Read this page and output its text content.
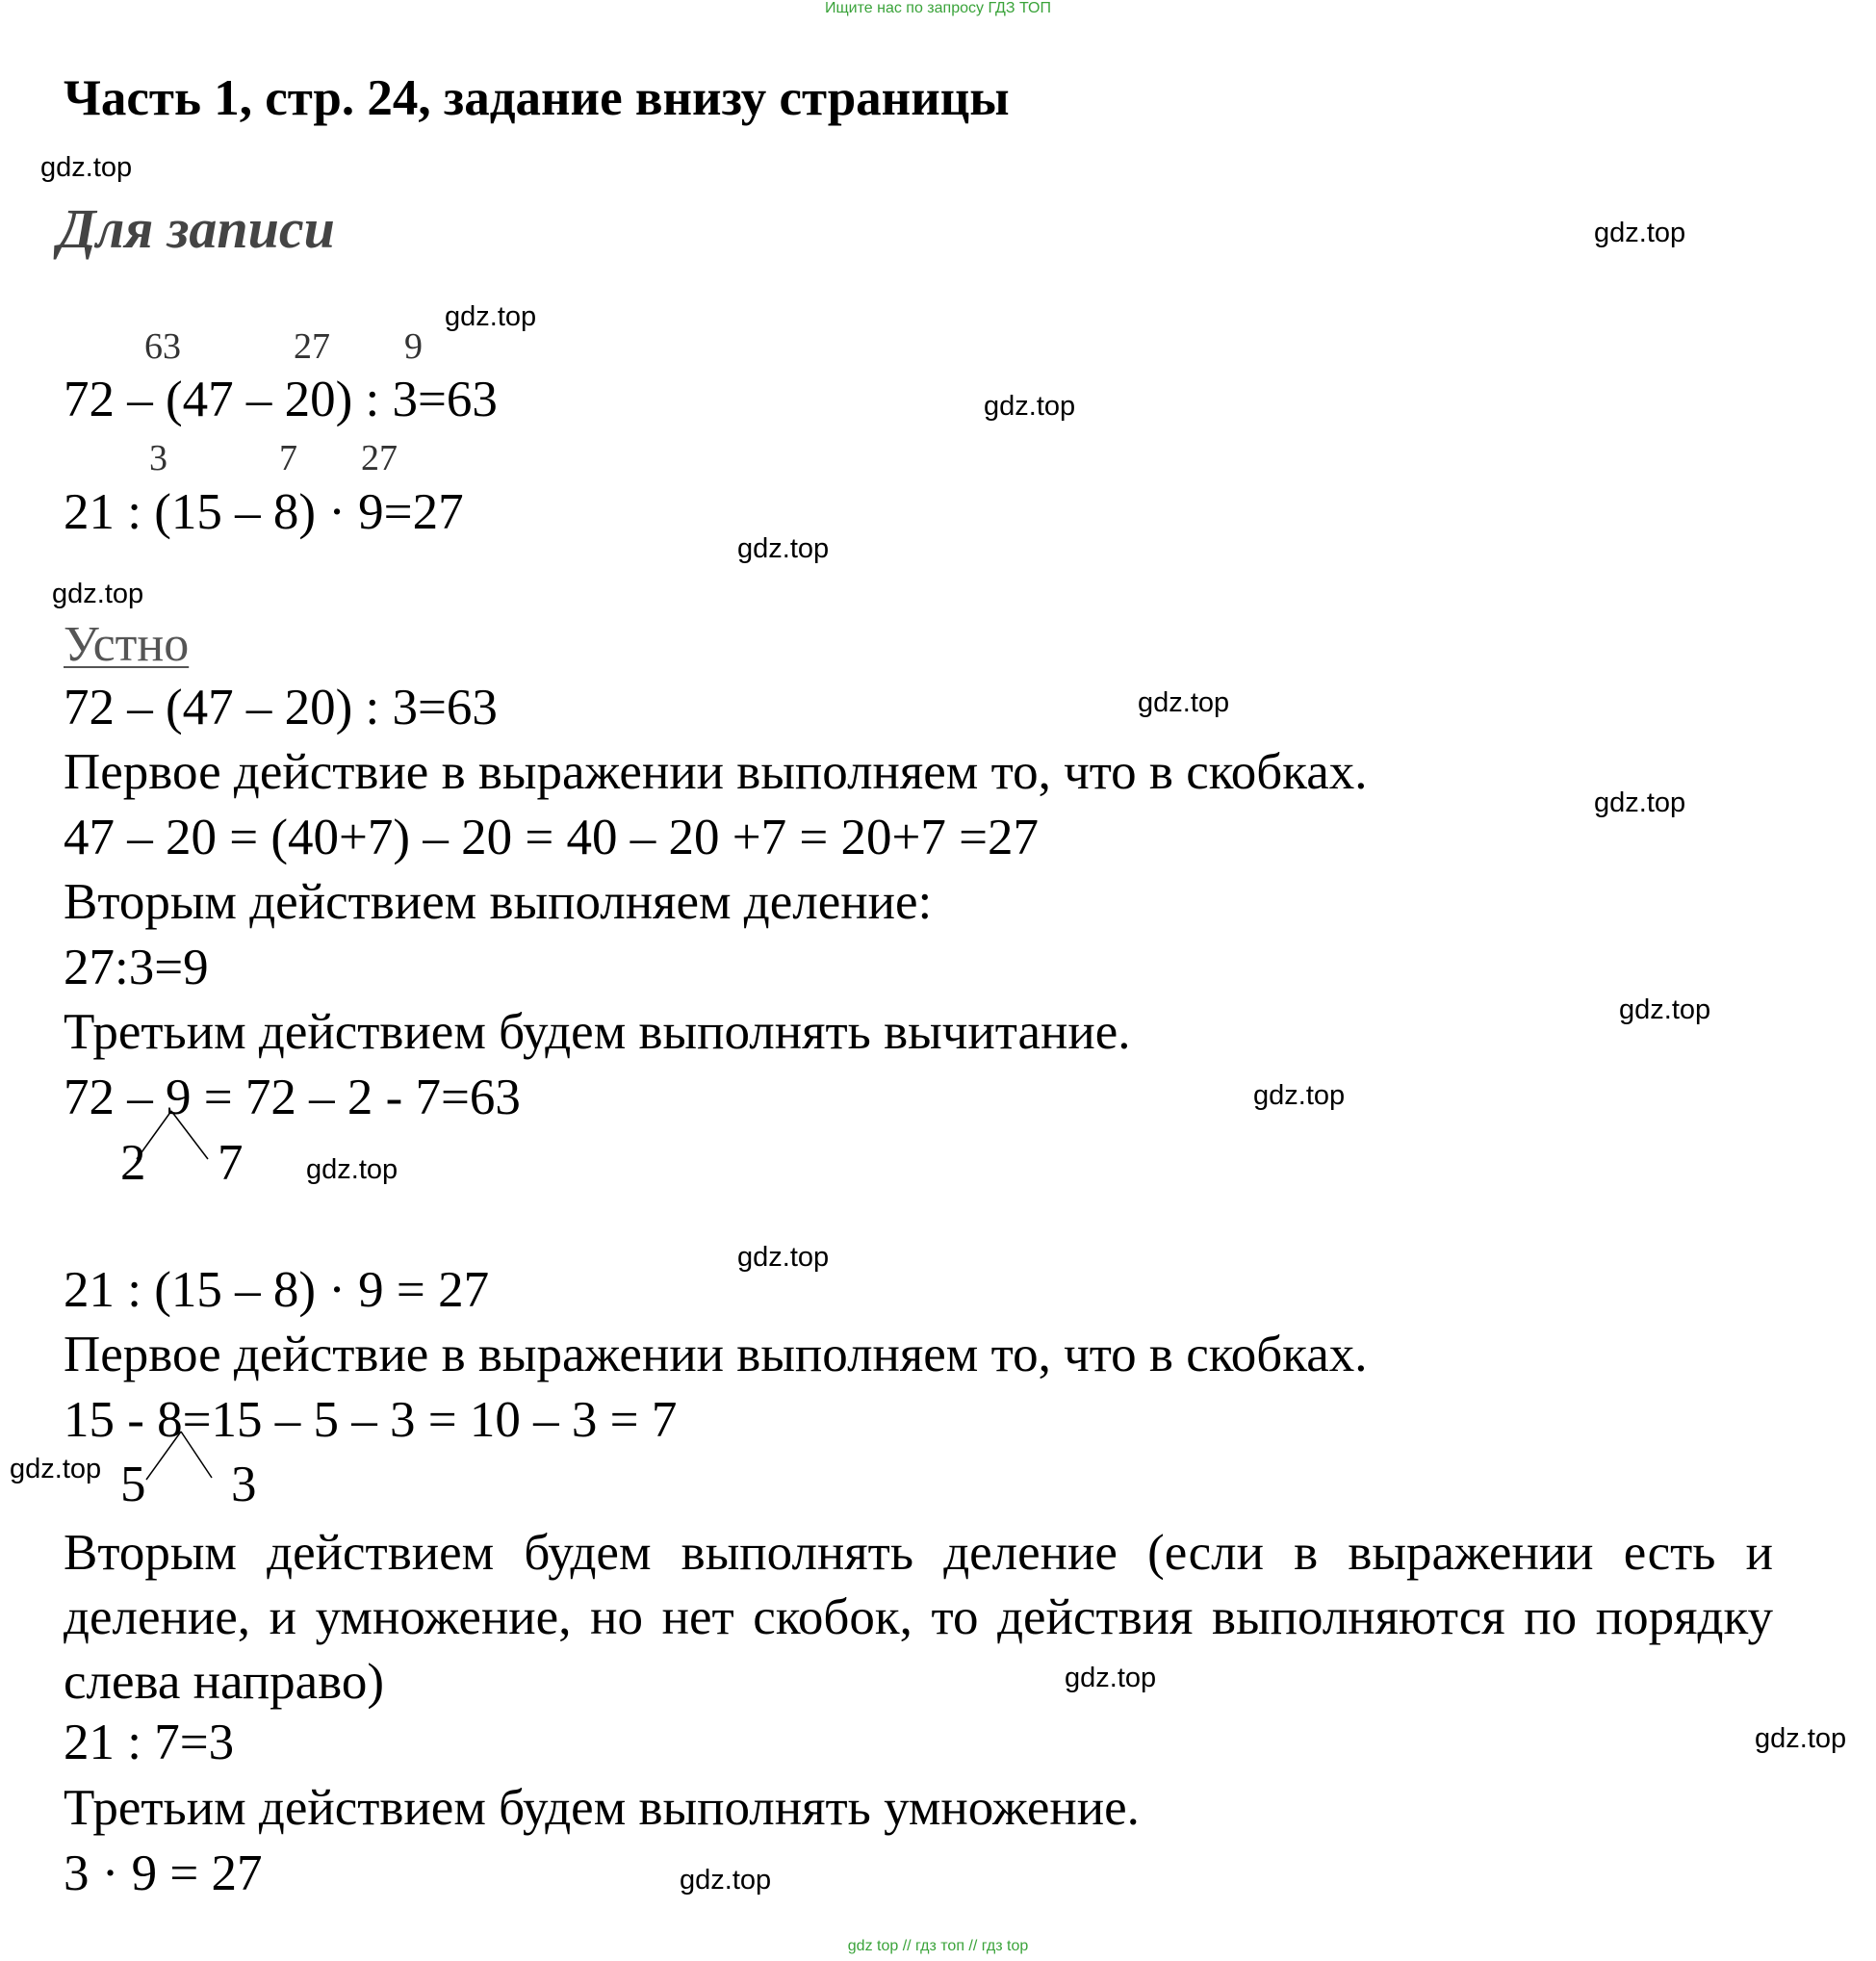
Ищите нас по запросу ГДЗ ТОП
Часть 1, стр. 24, задание внизу страницы
Для записи
63	27 9
72 – (47 – 20) : 3=63
3	7 27
21 : (15 – 8) · 9=27
Устно
72 – (47 – 20) : 3=63
Первое действие в выражении выполняем то, что в скобках.
47 – 20 = (40+7) – 20 = 40 – 20 +7 = 20+7 =27
Вторым действием выполняем деление:
27:3=9
Третьим действием будем выполнять вычитание.
72 – 9 = 72 – 2 - 7=63
2 7
21 : (15 – 8) · 9 = 27
Первое действие в выражении выполняем то, что в скобках.
15 - 8=15 – 5 – 3 = 10 – 3 = 7
5 3
Вторым действием будем выполнять деление (если в выражении есть и деление, и умножение, но нет скобок, то действия выполняются по порядку слева направо)
21 : 7=3
Третьим действием будем выполнять умножение.
3 · 9 = 27
gdz.top
gdz.top
gdz.top
gdz.top
gdz.top
gdz.top
gdz.top
gdz.top
gdz.top
gdz.top
gdz.top
gdz.top
gdz.top
gdz.top
gdz.top
gdz.top
gdz top // гдз топ // гдз top
